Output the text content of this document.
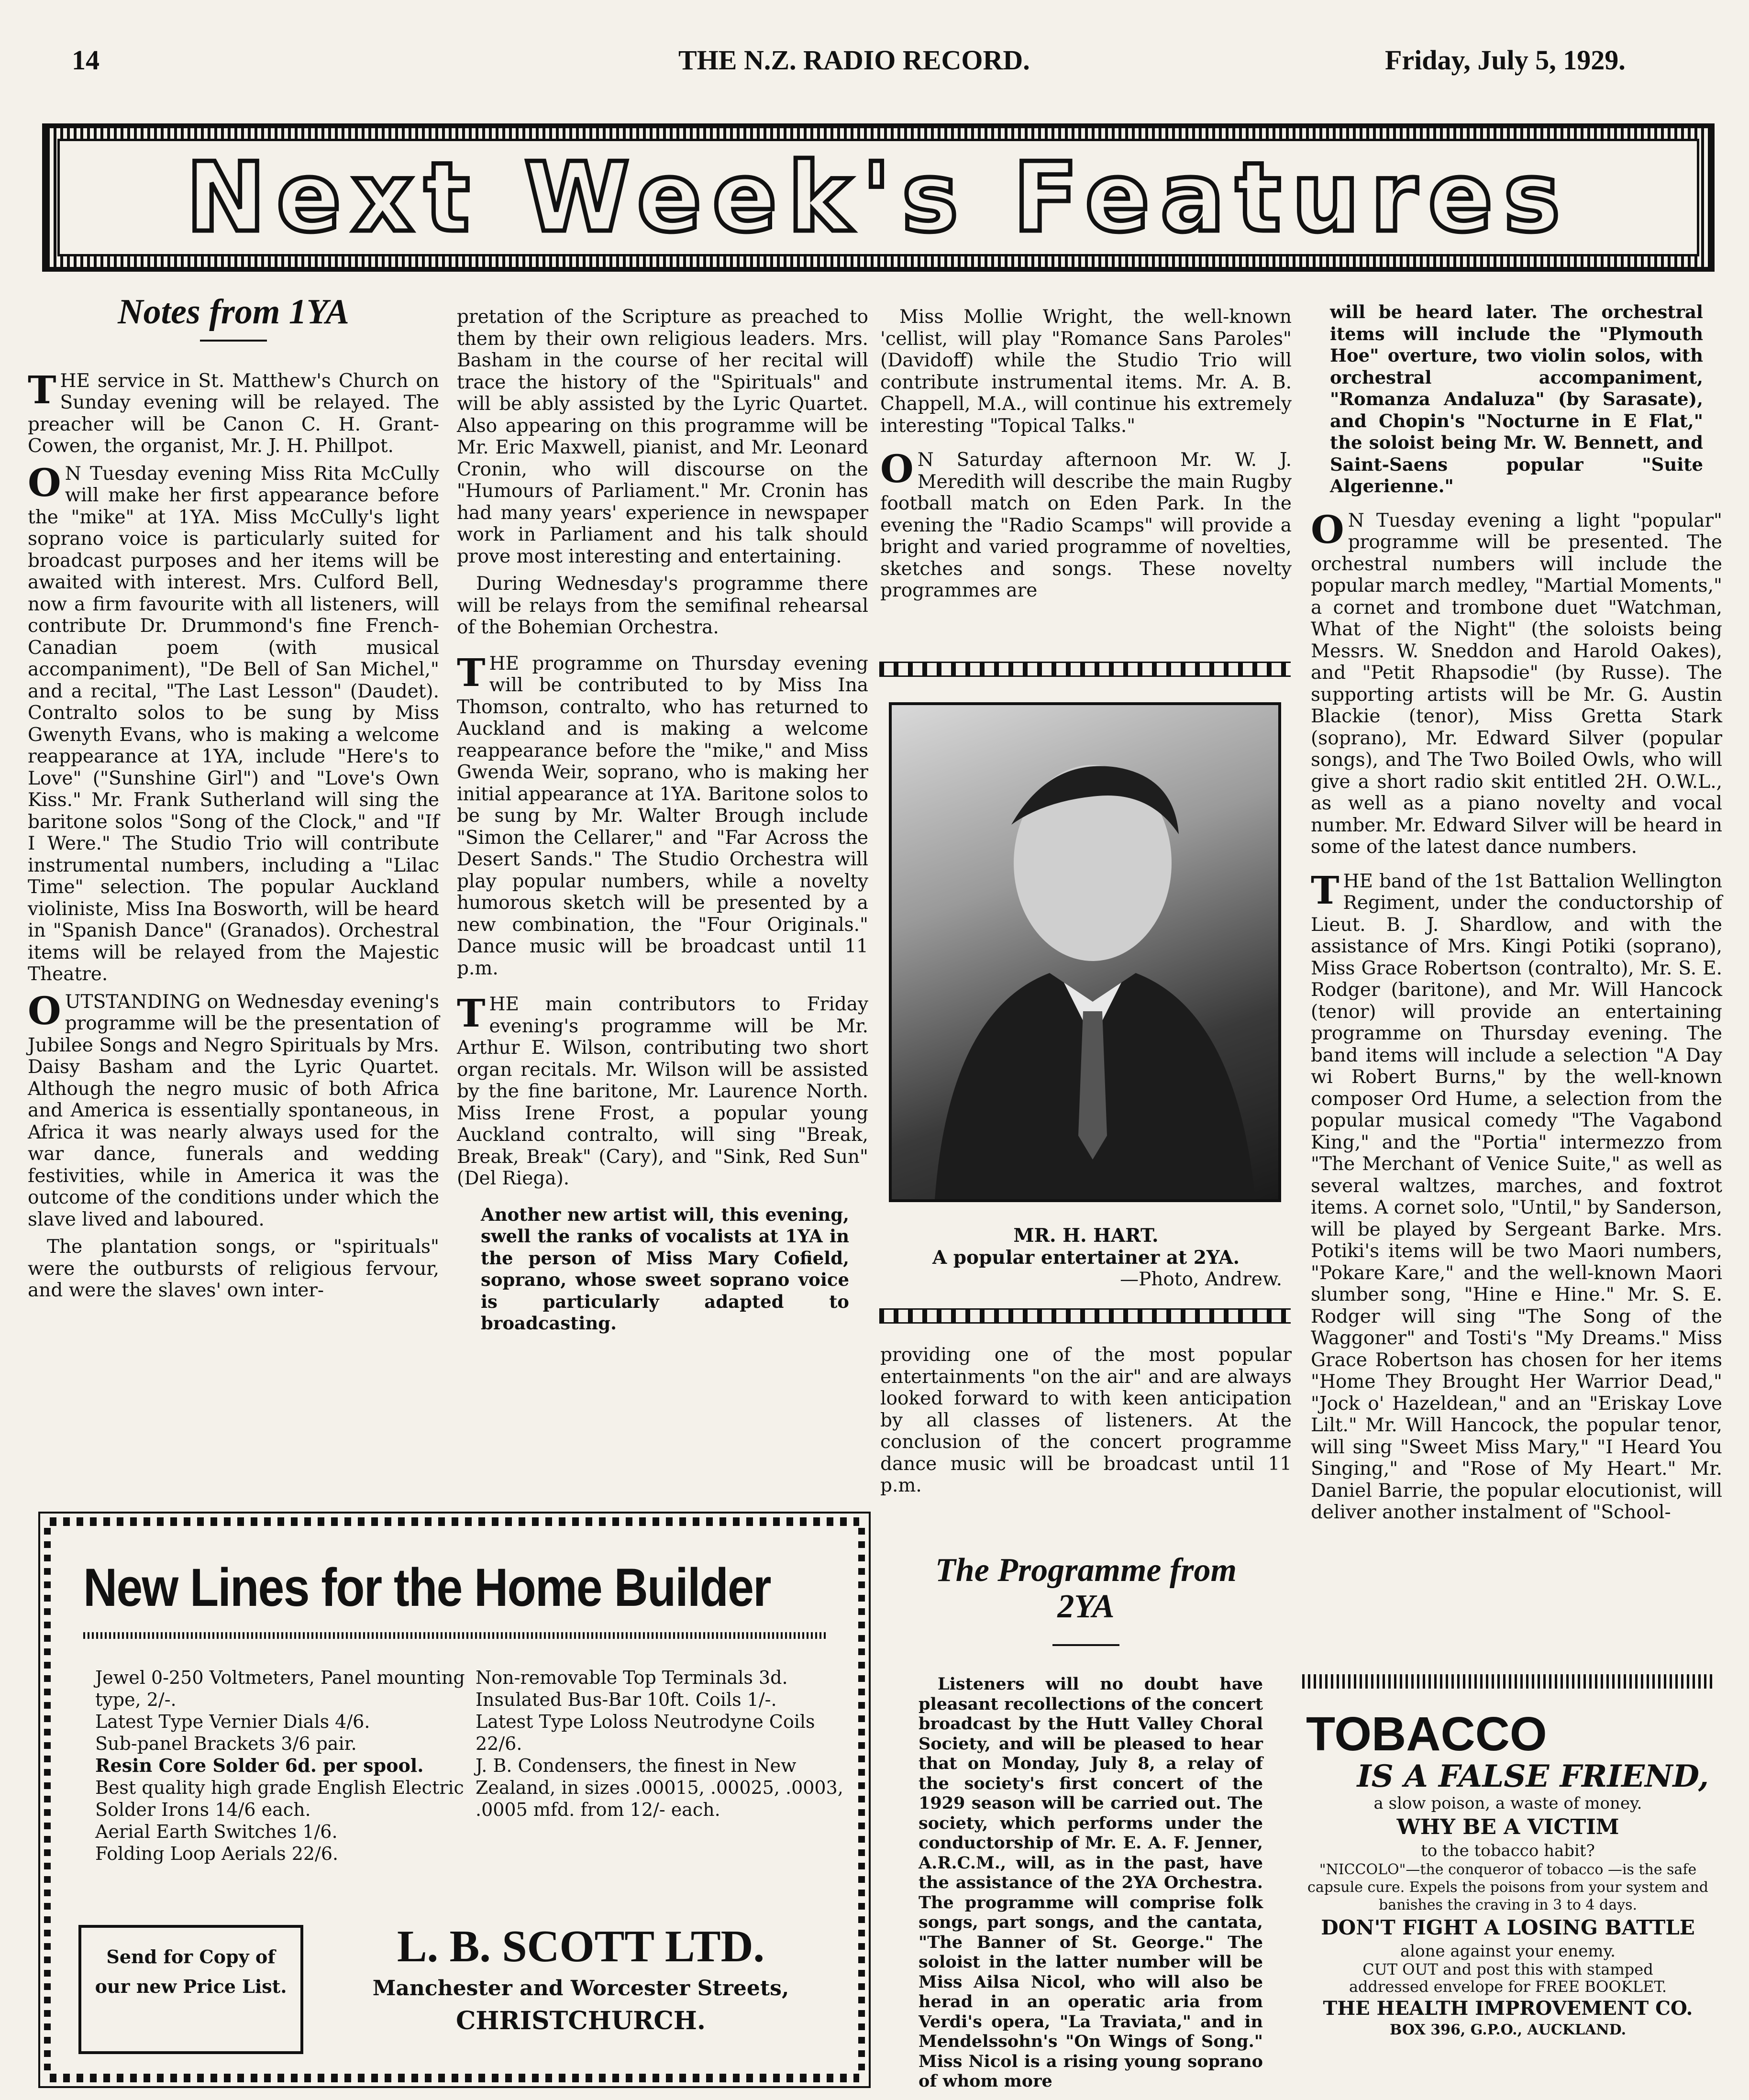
14	THE N.Z. RADIO RECORD.	Friday, July 5, 1929.
Next Week's Features
Notes from 1YA

THE service in St. Matthew's Church on Sunday evening will be relayed. The preacher will be Canon C. H. Grant-Cowen, the organist, Mr. J. H. Phillpot.

O N Tuesday evening Miss Rita McCully will make her first appearance before the "mike" at 1YA. Miss McCully's light soprano voice is particularly suited for broadcast purposes and her items will be awaited with interest. Mrs. Culford Bell, now a firm favourite with all listeners, will contribute Dr. Drummond's fine French-Canadian poem (with musical accompaniment), "De Bell of San Michel," and a recital, "The Last Lesson" (Daudet). Contralto solos to be sung by Miss Gwenyth Evans, who is making a welcome reappearance at 1YA, include "Here's to Love" ("Sunshine Girl") and "Love's Own Kiss." Mr. Frank Sutherland will sing the baritone solos "Song of the Clock," and "If I Were." The Studio Trio will contribute instrumental numbers, including a "Lilac Time" selection. The popular Auckland violiniste, Miss Ina Bosworth, will be heard in "Spanish Dance" (Granados). Orchestral items will be relayed from the Majestic Theatre.

OUTSTANDING on Wednesday evening's programme will be the presentation of Jubilee Songs and Negro Spirituals by Mrs. Daisy Basham and the Lyric Quartet. Although the negro music of both Africa and America is essentially spontaneous, in Africa it was nearly always used for the war dance, funerals and wedding festivities, while in America it was the outcome of the conditions under which the slave lived and laboured.

The plantation songs, or "spirituals" were the outbursts of religious fervour, and were the slaves' own inter-

pretation of the Scripture as preached to them by their own religious leaders. Mrs. Basham in the course of her recital will trace the history of the "Spirituals" and will be ably assisted by the Lyric Quartet. Also appearing on this programme will be Mr. Eric Maxwell, pianist, and Mr. Leonard Cronin, who will discourse on the "Humours of Parliament." Mr. Cronin has had many years' experience in newspaper work in Parliament and his talk should prove most interesting and entertaining.

During Wednesday's programme there will be relays from the semifinal rehearsal of the Bohemian Orchestra.

THE programme on Thursday evening will be contributed to by Miss Ina Thomson, contralto, who has returned to Auckland and is making a welcome reappearance before the "mike," and Miss Gwenda Weir, soprano, who is making her initial appearance at 1YA. Baritone solos to be sung by Mr. Walter Brough include "Simon the Cellarer," and "Far Across the Desert Sands." The Studio Orchestra will play popular numbers, while a novelty humorous sketch will be presented by a new combination, the "Four Originals." Dance music will be broadcast until 11 p.m.

THE main contributors to Friday evening's programme will be Mr. Arthur E. Wilson, contributing two short organ recitals. Mr. Wilson will be assisted by the fine baritone, Mr. Laurence North. Miss Irene Frost, a popular young Auckland contralto, will sing "Break, Break, Break" (Cary), and "Sink, Red Sun" (Del Riega).

Another new artist will, this evening, swell the ranks of vocalists at 1YA in the person of Miss Mary Cofield, soprano, whose sweet soprano voice is particularly adapted to broadcasting.

Miss Mollie Wright, the well-known 'cellist, will play "Romance Sans Paroles" (Davidoff) while the Studio Trio will contribute instrumental items. Mr. A. B. Chappell, M.A., will continue his extremely interesting "Topical Talks."

O N Saturday afternoon Mr. W. J. Meredith will describe the main Rugby football match on Eden Park. In the evening the "Radio Scamps" will provide a bright and varied programme of novelties, sketches and songs. These novelty programmes are

MR. H. HART.
A popular entertainer at 2YA.
—Photo, Andrew.

providing one of the most popular entertainments "on the air" and are always looked forward to with keen anticipation by all classes of listeners. At the conclusion of the concert programme dance music will be broadcast until 11 p.m.

The Programme from
2YA

Listeners will no doubt have pleasant recollections of the concert broadcast by the Hutt Valley Choral Society, and will be pleased to hear that on Monday, July 8, a relay of the society's first concert of the 1929 season will be carried out. The society, which performs under the conductorship of Mr. E. A. F. Jenner, A.R.C.M., will, as in the past, have the assistance of the 2YA Orchestra. The programme will comprise folk songs, part songs, and the cantata, "The Banner of St. George." The soloist in the latter number will be Miss Ailsa Nicol, who will also be herad in an operatic aria from Verdi's opera, "La Traviata," and in Mendelssohn's "On Wings of Song." Miss Nicol is a rising young soprano of whom more

will be heard later. The orchestral items will include the "Plymouth Hoe" overture, two violin solos, with orchestral accompaniment, "Romanza Andaluza" (by Sarasate), and Chopin's "Nocturne in E Flat," the soloist being Mr. W. Bennett, and Saint-Saens popular "Suite Algerienne."

O N Tuesday evening a light "popular" programme will be presented. The orchestral numbers will include the popular march medley, "Martial Moments," a cornet and trombone duet "Watchman, What of the Night" (the soloists being Messrs. W. Sneddon and Harold Oakes), and "Petit Rhapsodie" (by Russe). The supporting artists will be Mr. G. Austin Blackie (tenor), Miss Gretta Stark (soprano), Mr. Edward Silver (popular songs), and The Two Boiled Owls, who will give a short radio skit entitled 2H. O.W.L., as well as a piano novelty and vocal number. Mr. Edward Silver will be heard in some of the latest dance numbers.

THE band of the 1st Battalion Wellington Regiment, under the conductorship of Lieut. B. J. Shardlow, and with the assistance of Mrs. Kingi Potiki (soprano), Miss Grace Robertson (contralto), Mr. S. E. Rodger (baritone), and Mr. Will Hancock (tenor) will provide an entertaining programme on Thursday evening. The band items will include a selection "A Day wi Robert Burns," by the well-known composer Ord Hume, a selection from the popular musical comedy "The Vagabond King," and the "Portia" intermezzo from "The Merchant of Venice Suite," as well as several waltzes, marches, and foxtrot items. A cornet solo, "Until," by Sanderson, will be played by Sergeant Barke. Mrs. Potiki's items will be two Maori numbers, "Pokare Kare," and the well-known Maori slumber song, "Hine e Hine." Mr. S. E. Rodger will sing "The Song of the Waggoner" and Tosti's "My Dreams." Miss Grace Robertson has chosen for her items "Home They Brought Her Warrior Dead," "Jock o' Hazeldean," and an "Eriskay Love Lilt." Mr. Will Hancock, the popular tenor, will sing "Sweet Miss Mary," "I Heard You Singing," and "Rose of My Heart." Mr. Daniel Barrie, the popular elocutionist, will deliver another instalment of "School-

New Lines for the Home Builder
Jewel 0-250 Voltmeters, Panel mounting type, 2/-.
Latest Type Vernier Dials 4/6.
Sub-panel Brackets 3/6 pair.
Resin Core Solder 6d. per spool.
Best quality high grade English Electric Solder Irons 14/6 each.
Aerial Earth Switches 1/6.
Folding Loop Aerials 22/6.
Non-removable Top Terminals 3d.
Insulated Bus-Bar 10ft. Coils 1/-.
Latest Type Loloss Neutrodyne Coils 22/6.
J. B. Condensers, the finest in New Zealand, in sizes .00015, .00025, .0003, .0005 mfd. from 12/- each.
Send for Copy of our new Price List.
L. B. SCOTT LTD.
Manchester and Worcester Streets,
CHRISTCHURCH.
TOBACCO
IS A FALSE FRIEND,
a slow poison, a waste of money.
WHY BE A VICTIM
to the tobacco habit?
"NICCOLO"—the conqueror of tobacco —is the safe capsule cure. Expels the poisons from your system and banishes the craving in 3 to 4 days.
DON'T FIGHT A LOSING BATTLE
alone against your enemy.
CUT OUT and post this with stamped addressed envelope for FREE BOOKLET.
THE HEALTH IMPROVEMENT CO.
BOX 396, G.P.O., AUCKLAND.
